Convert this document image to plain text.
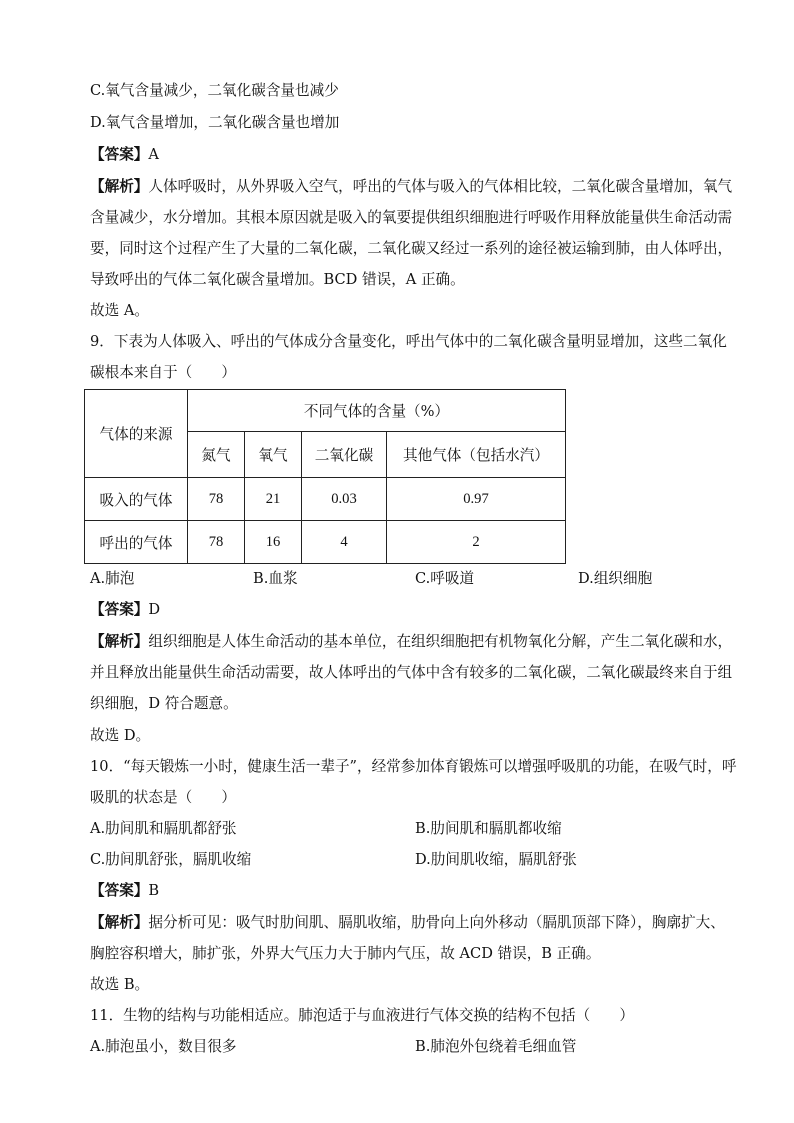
C.氧气含量减少，二氧化碳含量也减少
D.氧气含量增加，二氧化碳含量也增加
【答案】A
【解析】人体呼吸时，从外界吸入空气，呼出的气体与吸入的气体相比较，二氧化碳含量增加，氧气
含量减少，水分增加。其根本原因就是吸入的氧要提供组织细胞进行呼吸作用释放能量供生命活动需
要，同时这个过程产生了大量的二氧化碳，二氧化碳又经过一系列的途径被运输到肺，由人体呼出，
导致呼出的气体二氧化碳含量增加。BCD 错误，A 正确。
故选 A。
9．下表为人体吸入、呼出的气体成分含量变化，呼出气体中的二氧化碳含量明显增加，这些二氧化
碳根本来自于（　　）
气体的来源	不同气体的含量（%）			
	氮气	氧气	二氧化碳	其他气体（包括水汽）
吸入的气体	78	21	0.03	0.97
呼出的气体	78	16	4	2
A.肺泡	B.血浆	C.呼吸道	D.组织细胞
【答案】D
【解析】组织细胞是人体生命活动的基本单位，在组织细胞把有机物氧化分解，产生二氧化碳和水，
并且释放出能量供生命活动需要，故人体呼出的气体中含有较多的二氧化碳，二氧化碳最终来自于组
织细胞，D 符合题意。
故选 D。
10．“每天锻炼一小时，健康生活一辈子”，经常参加体育锻炼可以增强呼吸肌的功能，在吸气时，呼
吸肌的状态是（　　）
A.肋间肌和膈肌都舒张	B.肋间肌和膈肌都收缩
C.肋间肌舒张，膈肌收缩	D.肋间肌收缩，膈肌舒张
【答案】B
【解析】据分析可见：吸气时肋间肌、膈肌收缩，肋骨向上向外移动（膈肌顶部下降），胸廓扩大、
胸腔容积增大，肺扩张，外界大气压力大于肺内气压，故 ACD 错误，B 正确。
故选 B。
11．生物的结构与功能相适应。肺泡适于与血液进行气体交换的结构不包括（　　）
A.肺泡虽小，数目很多	B.肺泡外包绕着毛细血管
